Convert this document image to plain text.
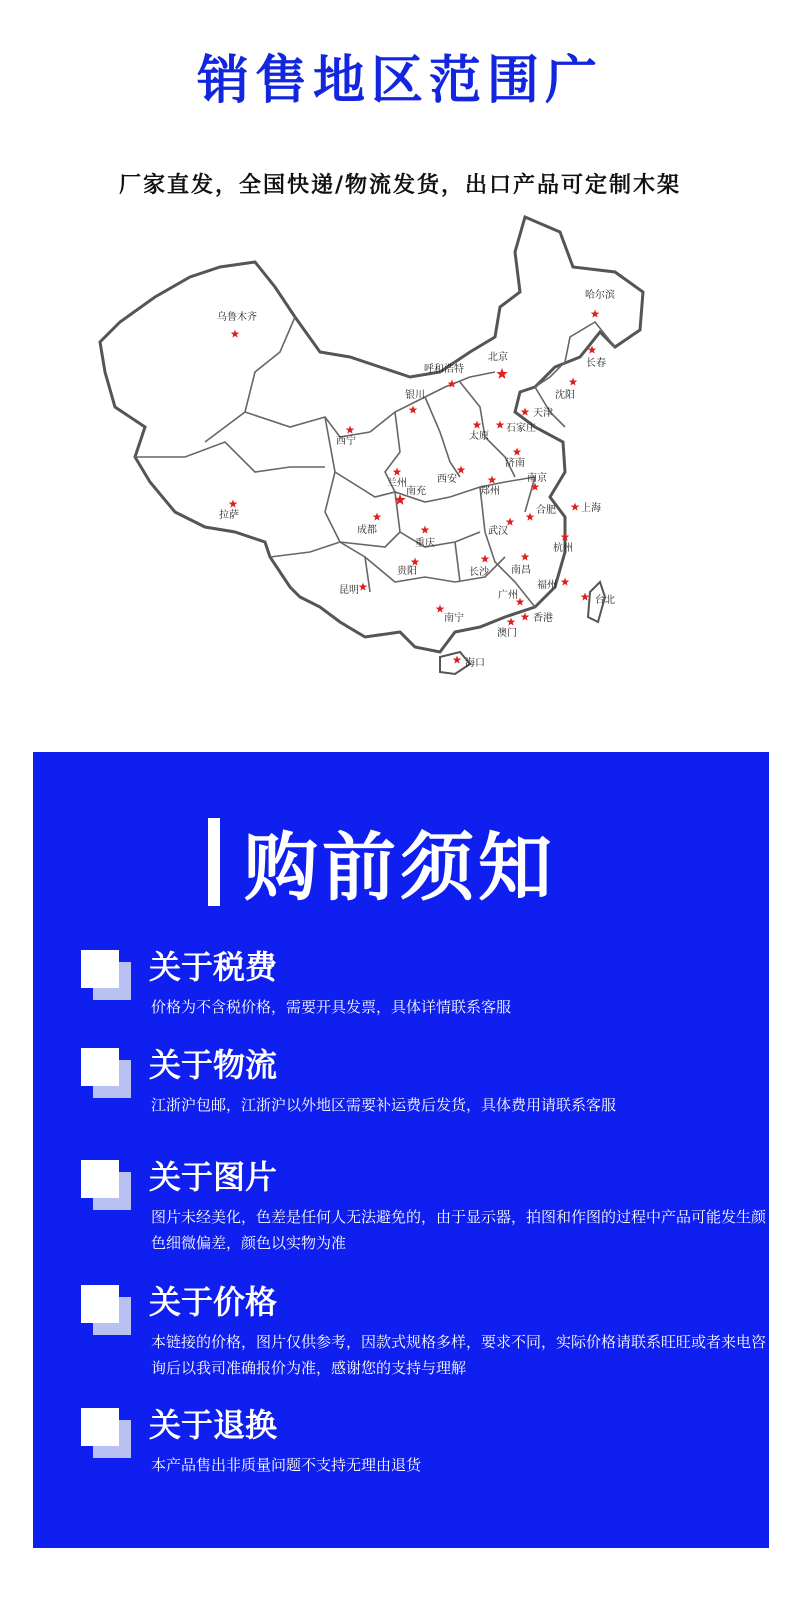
销售地区范围广
厂家直发，全国快递/物流发货，出口产品可定制木架
乌鲁木齐
哈尔滨
长春
沈阳
呼和浩特
北京
天津
银川
石家庄
太原
西宁
济南
兰州	西安
郑州
南京
上海
拉萨
南充
成都	武汉
合肥
杭州
重庆
长沙 南昌
贵阳
福州
昆明
台北
南宁
广州
香港
澳门
海口
购前须知
关于税费
价格为不含税价格，需要开具发票，具体详情联系客服
关于物流
江浙沪包邮，江浙沪以外地区需要补运费后发货，具体费用请联系客服
关于图片
图片未经美化，色差是任何人无法避免的，由于显示器，拍图和作图的过程中产品可能发生颜色细微偏差，颜色以实物为准
关于价格
本链接的价格，图片仅供参考，因款式规格多样，要求不同，实际价格请联系旺旺或者来电咨询后以我司准确报价为准，感谢您的支持与理解
关于退换
本产品售出非质量问题不支持无理由退货
